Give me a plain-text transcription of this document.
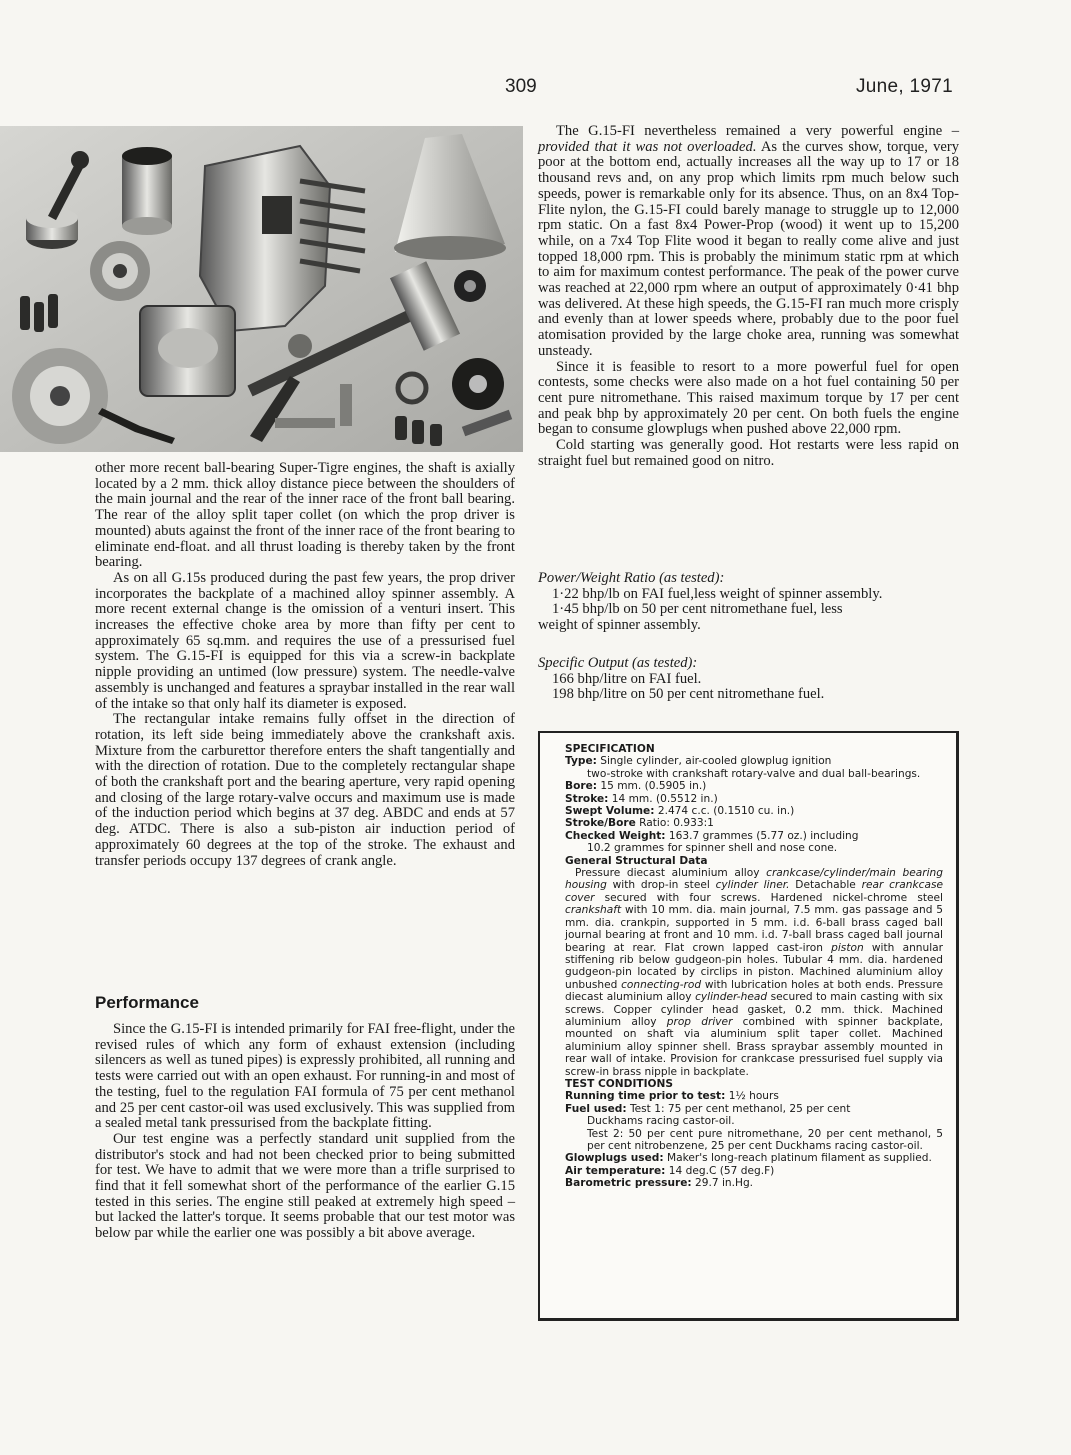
309	June, 1971

other more recent ball-bearing Super-Tigre engines, the shaft is axially located by a 2 mm. thick alloy distance piece between the shoulders of the main journal and the rear of the inner race of the front ball bearing. The rear of the alloy split taper collet (on which the prop driver is mounted) abuts against the front of the inner race of the front bearing to eliminate end-float. and all thrust loading is thereby taken by the front bearing.

As on all G.15s produced during the past few years, the prop driver incorporates the backplate of a machined alloy spinner assembly. A more recent external change is the omission of a venturi insert. This increases the effective choke area by more than fifty per cent to approximately 65 sq.mm. and requires the use of a pressurised fuel system. The G.15-FI is equipped for this via a screw-in backplate nipple providing an untimed (low pressure) system. The needle-valve assembly is unchanged and features a spraybar installed in the rear wall of the intake so that only half its diameter is exposed.

The rectangular intake remains fully offset in the direction of rotation, its left side being immediately above the crankshaft axis. Mixture from the carburettor therefore enters the shaft tangentially and with the direction of rotation. Due to the completely rectangular shape of both the crankshaft port and the bearing aperture, very rapid opening and closing of the large rotary-valve occurs and maximum use is made of the induction period which begins at 37 deg. ABDC and ends at 57 deg. ATDC. There is also a sub-piston air induction period of approximately 60 degrees at the top of the stroke. The exhaust and transfer periods occupy 137 degrees of crank angle.

Performance

Since the G.15-FI is intended primarily for FAI free-flight, under the revised rules of which any form of exhaust extension (including silencers as well as tuned pipes) is expressly prohibited, all running and tests were carried out with an open exhaust. For running-in and most of the testing, fuel to the regulation FAI formula of 75 per cent methanol and 25 per cent castor-oil was used exclusively. This was supplied from a sealed metal tank pressurised from the backplate fitting.

Our test engine was a perfectly standard unit supplied from the distributor's stock and had not been checked prior to being submitted for test. We have to admit that we were more than a trifle surprised to find that it fell somewhat short of the performance of the earlier G.15 tested in this series. The engine still peaked at extremely high speed – but lacked the latter's torque. It seems probable that our test motor was below par while the earlier one was possibly a bit above average.

The G.15-FI nevertheless remained a very powerful engine – provided that it was not overloaded. As the curves show, torque, very poor at the bottom end, actually increases all the way up to 17 or 18 thousand revs and, on any prop which limits rpm much below such speeds, power is remarkable only for its absence. Thus, on an 8x4 Top-Flite nylon, the G.15-FI could barely manage to struggle up to 12,000 rpm static. On a fast 8x4 Power-Prop (wood) it went up to 15,200 while, on a 7x4 Top Flite wood it began to really come alive and just topped 18,000 rpm. This is probably the minimum static rpm at which to aim for maximum contest performance. The peak of the power curve was reached at 22,000 rpm where an output of approximately 0·41 bhp was delivered. At these high speeds, the G.15-FI ran much more crisply and evenly than at lower speeds where, probably due to the poor fuel atomisation provided by the large choke area, running was somewhat unsteady.

Since it is feasible to resort to a more powerful fuel for open contests, some checks were also made on a hot fuel containing 50 per cent pure nitromethane. This raised maximum torque by 17 per cent and peak bhp by approximately 20 per cent. On both fuels the engine began to consume glowplugs when pushed above 22,000 rpm.

Cold starting was generally good. Hot restarts were less rapid on straight fuel but remained good on nitro.

Power/Weight Ratio (as tested):
1·22 bhp/lb on FAI fuel,less weight of spinner assembly.
1·45 bhp/lb on 50 per cent nitromethane fuel, less
weight of spinner assembly.
Specific Output (as tested):
166 bhp/litre on FAI fuel.
198 bhp/litre on 50 per cent nitromethane fuel.
SPECIFICATION
Type: Single cylinder, air-cooled glowplug ignition
two-stroke with crankshaft rotary-valve and dual ball-bearings.
Bore: 15 mm. (0.5905 in.)
Stroke: 14 mm. (0.5512 in.)
Swept Volume: 2.474 c.c. (0.1510 cu. in.)
Stroke/Bore Ratio: 0.933:1
Checked Weight: 163.7 grammes (5.77 oz.) including
10.2 grammes for spinner shell and nose cone.
General Structural Data
Pressure diecast aluminium alloy crankcase/cylinder/main bearing housing with drop-in steel cylinder liner. Detachable rear crankcase cover secured with four screws. Hardened nickel-chrome steel crankshaft with 10 mm. dia. main journal, 7.5 mm. gas passage and 5 mm. dia. crankpin, supported in 5 mm. i.d. 6-ball brass caged ball journal bearing at front and 10 mm. i.d. 7-ball brass caged ball journal bearing at rear. Flat crown lapped cast-iron piston with annular stiffening rib below gudgeon-pin holes. Tubular 4 mm. dia. hardened gudgeon-pin located by circlips in piston. Machined aluminium alloy unbushed connecting-rod with lubrication holes at both ends. Pressure diecast aluminium alloy cylinder-head secured to main casting with six screws. Copper cylinder head gasket, 0.2 mm. thick. Machined aluminium alloy prop driver combined with spinner backplate, mounted on shaft via aluminium split taper collet. Machined aluminium alloy spinner shell. Brass spraybar assembly mounted in rear wall of intake. Provision for crankcase pressurised fuel supply via screw-in brass nipple in backplate.
TEST CONDITIONS
Running time prior to test: 1½ hours
Fuel used: Test 1: 75 per cent methanol, 25 per cent
Duckhams racing castor-oil.
Test 2: 50 per cent pure nitromethane, 20 per cent methanol, 5 per cent nitrobenzene, 25 per cent Duckhams racing castor-oil.
Glowplugs used: Maker's long-reach platinum filament as supplied.
Air temperature: 14 deg.C (57 deg.F)
Barometric pressure: 29.7 in.Hg.
